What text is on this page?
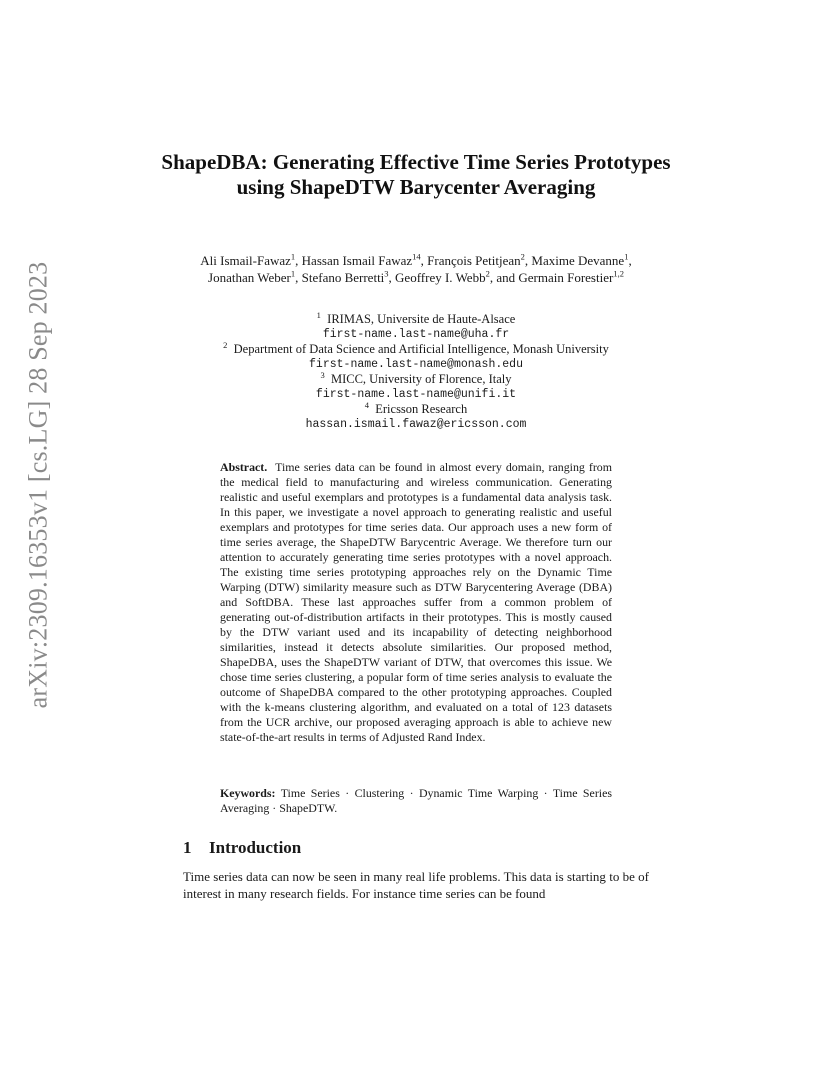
arXiv:2309.16353v1 [cs.LG] 28 Sep 2023
ShapeDBA: Generating Effective Time Series Prototypes using ShapeDTW Barycenter Averaging
Ali Ismail-Fawaz$^1$, Hassan Ismail Fawaz$^{14}$, François Petitjean$^2$, Maxime Devanne$^1$, Jonathan Weber$^1$, Stefano Berretti$^3$, Geoffrey I. Webb$^2$, and Germain Forestier$^{1,2}$
$^1$ IRIMAS, Universite de Haute-Alsace
first-name.last-name@uha.fr
$^2$ Department of Data Science and Artificial Intelligence, Monash University
first-name.last-name@monash.edu
$^3$ MICC, University of Florence, Italy
first-name.last-name@unifi.it
$^4$ Ericsson Research
hassan.ismail.fawaz@ericsson.com
Abstract. Time series data can be found in almost every domain, ranging from the medical field to manufacturing and wireless communication. Generating realistic and useful exemplars and prototypes is a fundamental data analysis task. In this paper, we investigate a novel approach to generating realistic and useful exemplars and prototypes for time series data. Our approach uses a new form of time series average, the ShapeDTW Barycentric Average. We therefore turn our attention to accurately generating time series prototypes with a novel approach. The existing time series prototyping approaches rely on the Dynamic Time Warping (DTW) similarity measure such as DTW Barycentering Average (DBA) and SoftDBA. These last approaches suffer from a common problem of generating out-of-distribution artifacts in their prototypes. This is mostly caused by the DTW variant used and its incapability of detecting neighborhood similarities, instead it detects absolute similarities. Our proposed method, ShapeDBA, uses the ShapeDTW variant of DTW, that overcomes this issue. We chose time series clustering, a popular form of time series analysis to evaluate the outcome of ShapeDBA compared to the other prototyping approaches. Coupled with the k-means clustering algorithm, and evaluated on a total of 123 datasets from the UCR archive, our proposed averaging approach is able to achieve new state-of-the-art results in terms of Adjusted Rand Index.
Keywords: Time Series · Clustering · Dynamic Time Warping · Time Series Averaging · ShapeDTW.
1 Introduction
Time series data can now be seen in many real life problems. This data is starting to be of interest in many research fields. For instance time series can be found
